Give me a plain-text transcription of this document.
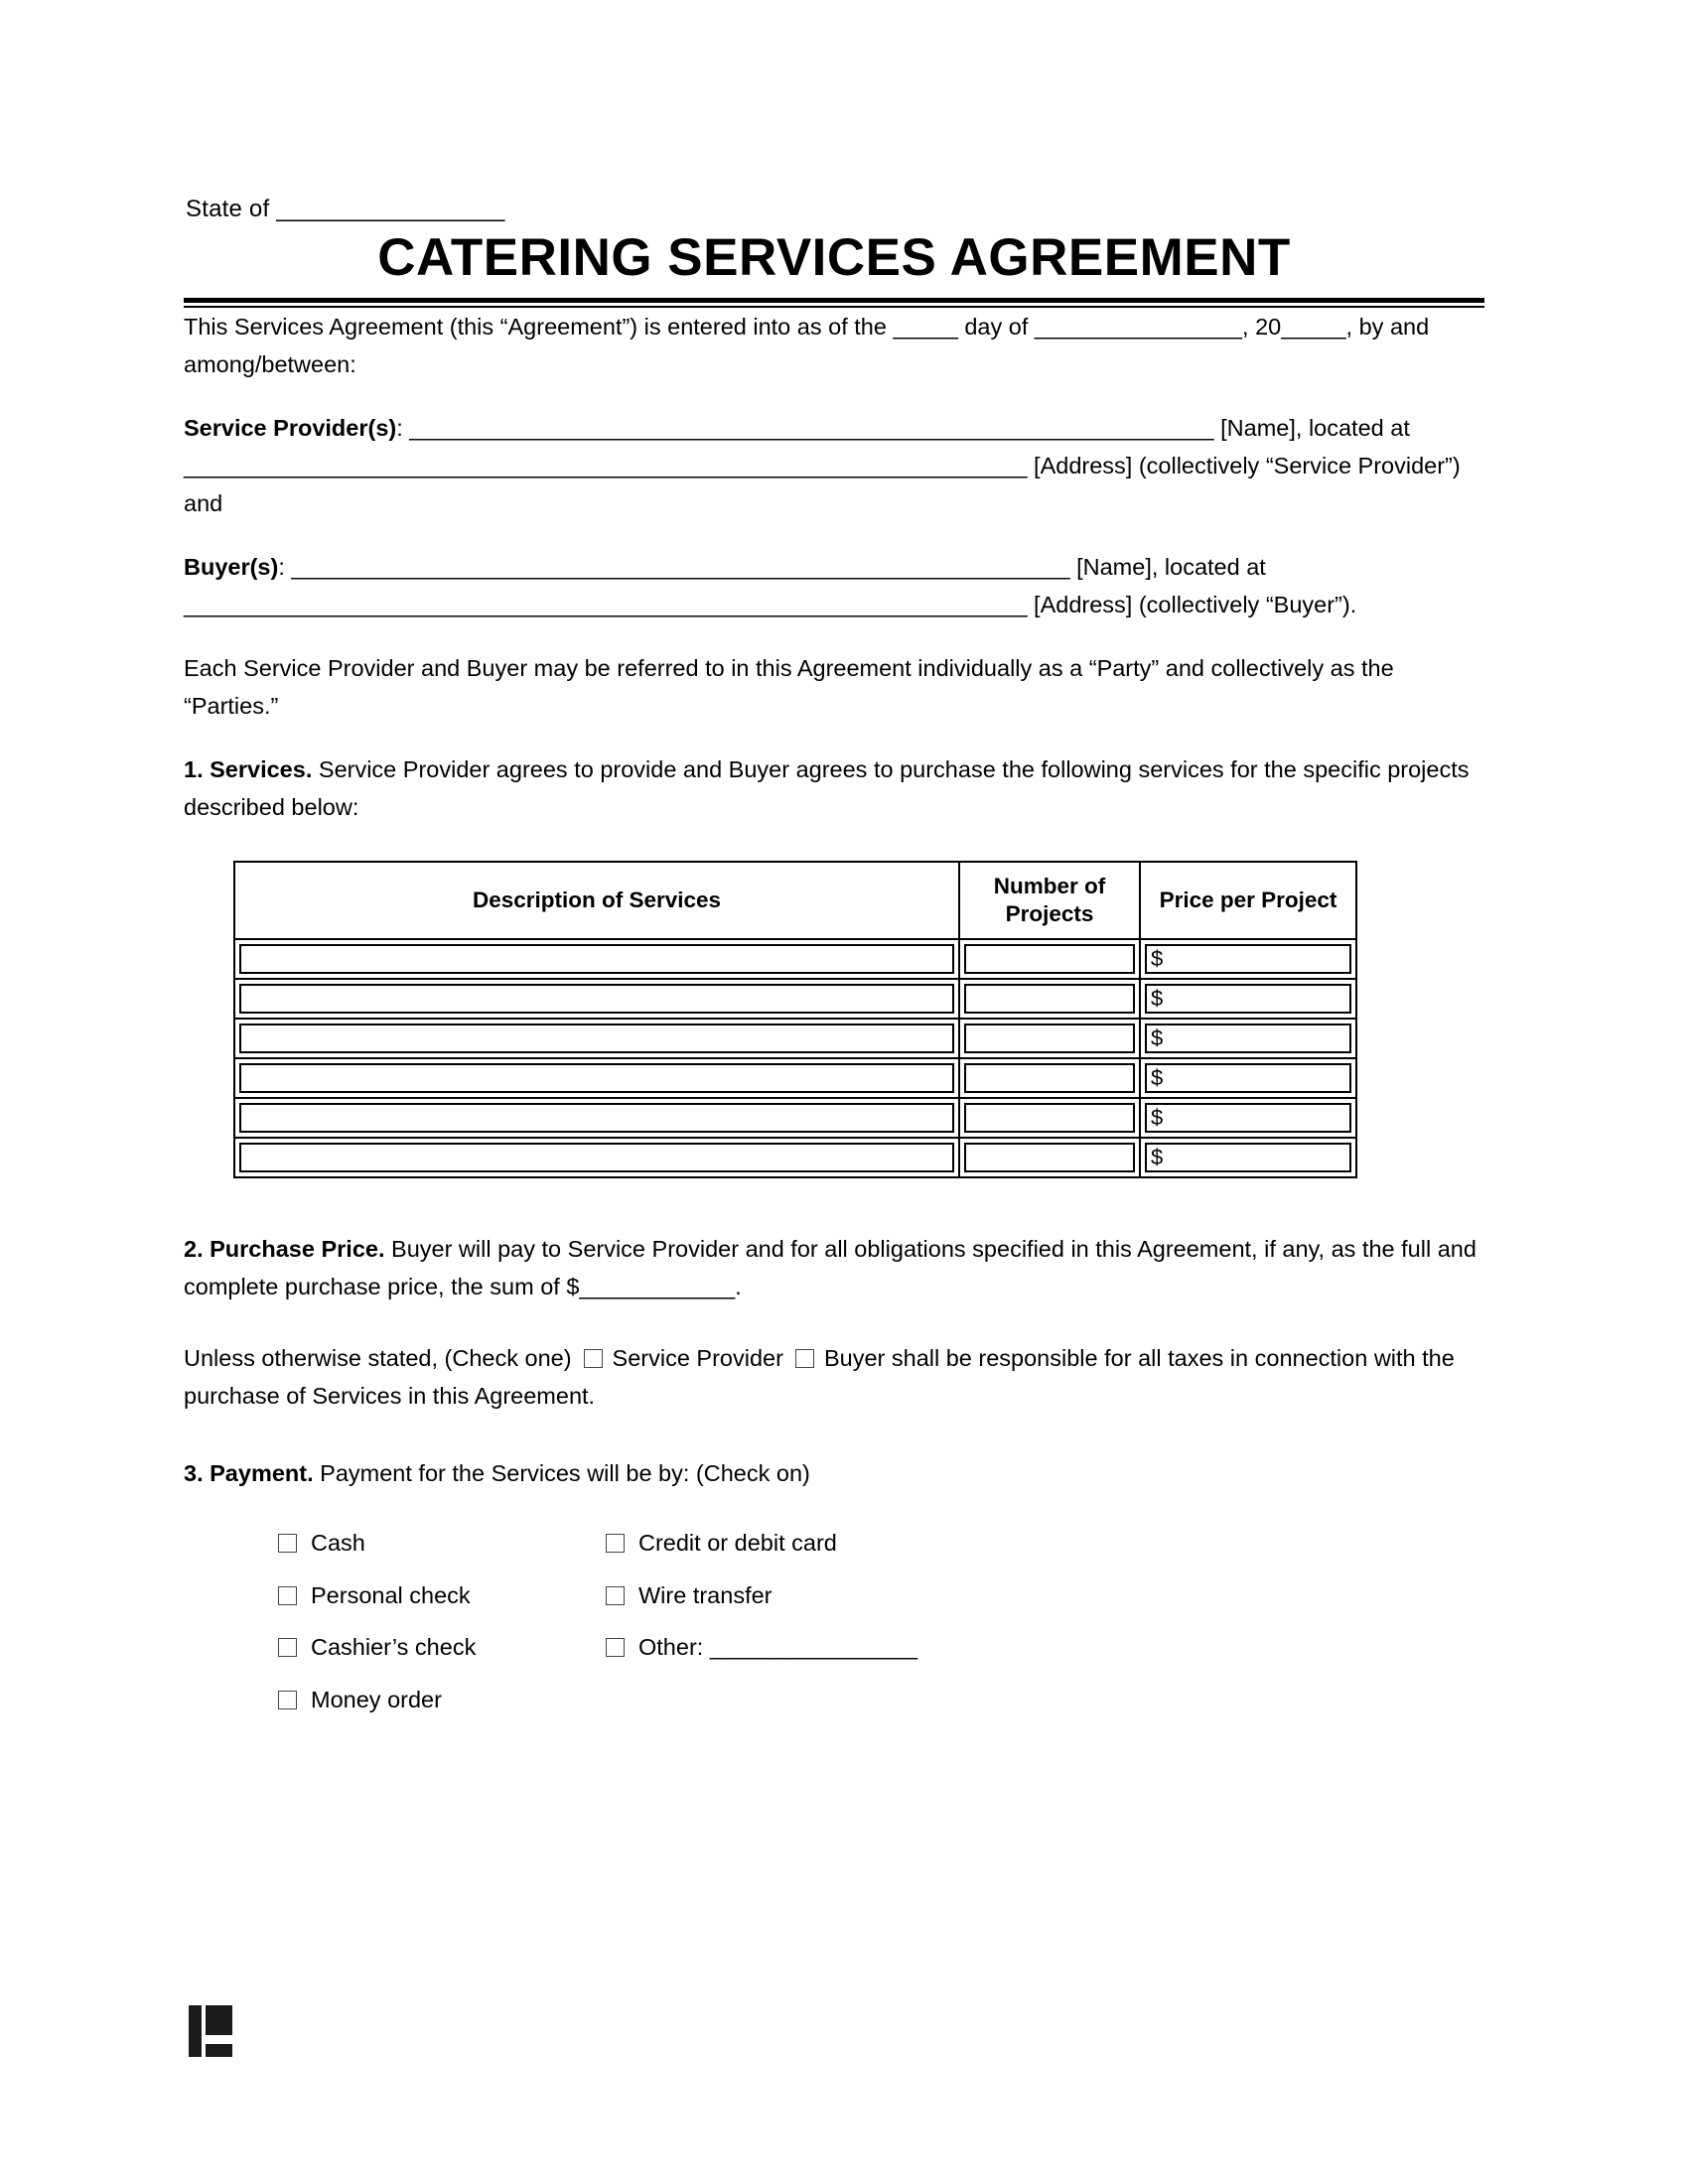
State of _________________
CATERING SERVICES AGREEMENT

This Services Agreement (this “Agreement”) is entered into as of the _____ day of ________________, 20_____, by and among/between:

Service Provider(s): ______________________________________________________________ [Name], located at _________________________________________________________________ [Address] (collectively “Service Provider”) and

Buyer(s): ____________________________________________________________ [Name], located at _________________________________________________________________ [Address] (collectively “Buyer”).

Each Service Provider and Buyer may be referred to in this Agreement individually as a “Party” and collectively as the “Parties.”

1. Services. Service Provider agrees to provide and Buyer agrees to purchase the following services for the specific projects described below:

Description of Services	Number of Projects	Price per Project

		$

		$

		$

		$

		$

		$

2. Purchase Price. Buyer will pay to Service Provider and for all obligations specified in this Agreement, if any, as the full and complete purchase price, the sum of $____________.

Unless otherwise stated, (Check one) Service Provider Buyer shall be responsible for all taxes in connection with the purchase of Services in this Agreement.

3. Payment. Payment for the Services will be by: (Check on)

Cash	Credit or debit card
Personal check	Wire transfer
Cashier’s check	Other: ________________
Money order
